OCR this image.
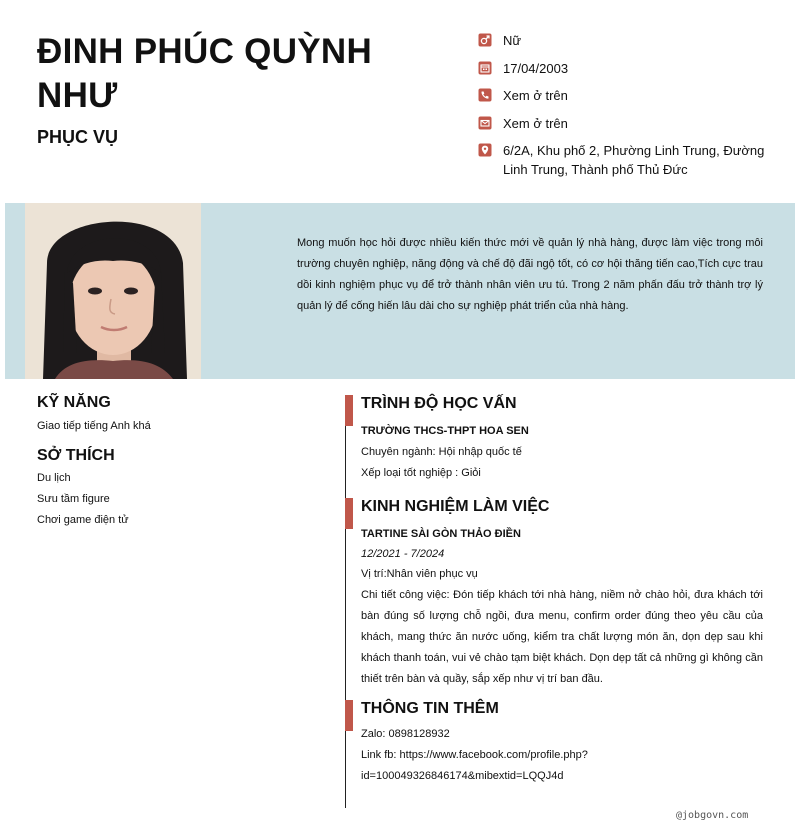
ĐINH PHÚC QUỲNH
NHƯ
PHỤC VỤ
Nữ
17/04/2003
Xem ở trên
Xem ở trên
6/2A, Khu phố 2, Phường Linh Trung, Đường Linh Trung, Thành phố Thủ Đức

Mong muốn học hỏi được nhiều kiến thức mới về quản lý nhà hàng, được làm việc trong môi trường chuyên nghiệp, năng động và chế độ đãi ngộ tốt, có cơ hội thăng tiến cao,Tích cực trau dồi kinh nghiệm phục vụ để trở thành nhân viên ưu tú. Trong 2 năm phấn đấu trở thành trợ lý quản lý để cống hiến lâu dài cho sự nghiệp phát triển của nhà hàng.

KỸ NĂNG

Giao tiếp tiếng Anh khá

SỞ THÍCH

Du lịch

Sưu tầm figure

Chơi game điện tử

TRÌNH ĐỘ HỌC VẤN

TRƯỜNG THCS-THPT HOA SEN

Chuyên ngành: Hội nhập quốc tế

Xếp loại tốt nghiệp : Giỏi

KINH NGHIỆM LÀM VIỆC

TARTINE SÀI GÒN THẢO ĐIỀN

12/2021 - 7/2024

Vị trí:Nhân viên phục vụ

Chi tiết công việc: Đón tiếp khách tới nhà hàng, niềm nở chào hỏi, đưa khách tới bàn đúng số lượng chỗ ngồi, đưa menu, confirm order đúng theo yêu cầu của khách, mang thức ăn nước uống, kiểm tra chất lượng món ăn, dọn dẹp sau khi khách thanh toán, vui vẻ chào tạm biệt khách. Dọn dẹp tất cả những gì không cần thiết trên bàn và quầy, sắp xếp như vị trí ban đầu.

THÔNG TIN THÊM

Zalo: 0898128932

Link fb: https://www.facebook.com/profile.php?

id=100049326846174&mibextid=LQQJ4d

@jobgovn.com
